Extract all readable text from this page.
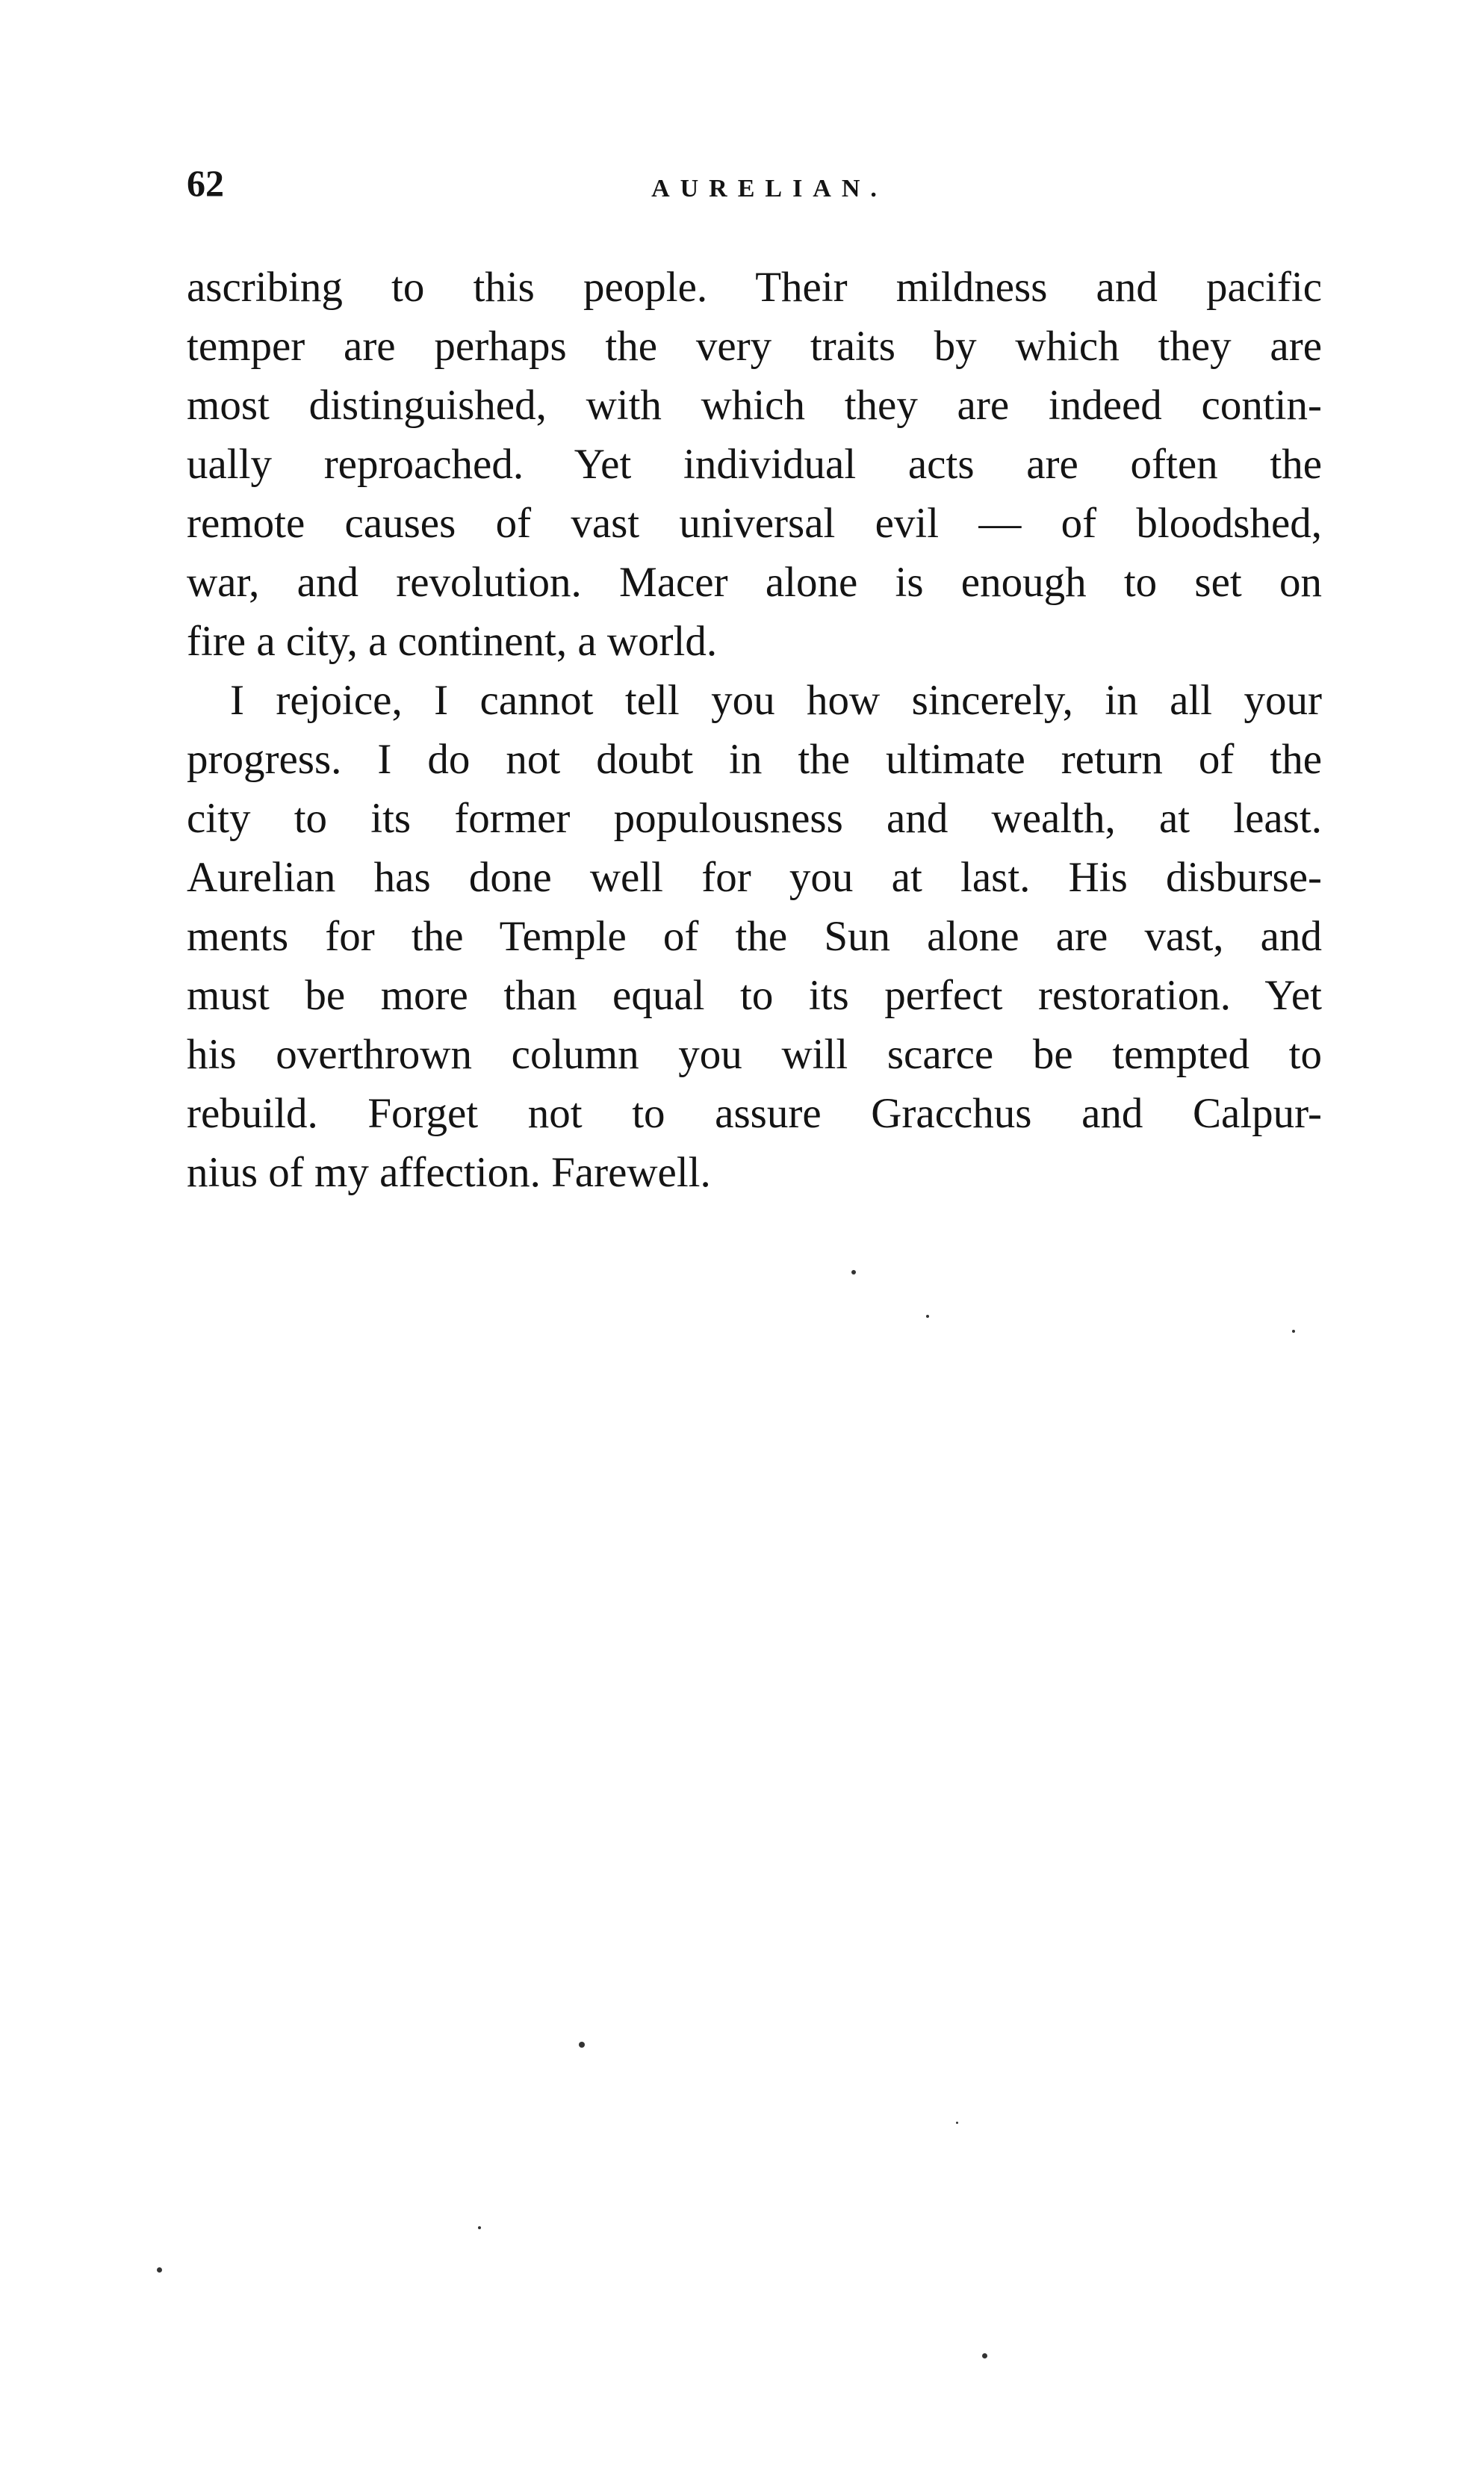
62	AURELIAN.
ascribing to this people. Their mildness and pacific
temper are perhaps the very traits by which they are
most distinguished, with which they are indeed contin-
ually reproached. Yet individual acts are often the
remote causes of vast universal evil — of bloodshed,
war, and revolution. Macer alone is enough to set on
fire a city, a continent, a world.
I rejoice, I cannot tell you how sincerely, in all your
progress. I do not doubt in the ultimate return of the
city to its former populousness and wealth, at least.
Aurelian has done well for you at last. His disburse-
ments for the Temple of the Sun alone are vast, and
must be more than equal to its perfect restoration. Yet
his overthrown column you will scarce be tempted to
rebuild. Forget not to assure Gracchus and Calpur-
nius of my affection. Farewell.
